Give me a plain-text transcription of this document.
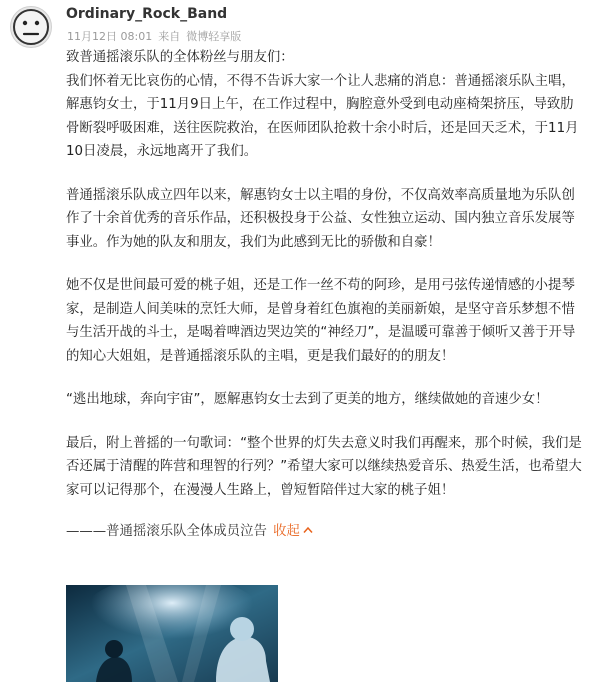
Ordinary_Rock_Band
11月12日 08:01 来自 微博轻享版

致普通摇滚乐队的全体粉丝与朋友们：

我们怀着无比哀伤的心情，不得不告诉大家一个让人悲痛的消息：普通摇滚乐队主唱，解惠钧女士，于11月9日上午，在工作过程中，胸腔意外受到电动座椅架挤压，导致肋骨断裂呼吸困难，送往医院救治，在医师团队抢救十余小时后，还是回天乏术，于11月10日凌晨，永远地离开了我们。

普通摇滚乐队成立四年以来，解惠钧女士以主唱的身份，不仅高效率高质量地为乐队创作了十余首优秀的音乐作品，还积极投身于公益、女性独立运动、国内独立音乐发展等事业。作为她的队友和朋友，我们为此感到无比的骄傲和自豪！

她不仅是世间最可爱的桃子姐，还是工作一丝不苟的阿珍，是用弓弦传递情感的小提琴家，是制造人间美味的烹饪大师，是曾身着红色旗袍的美丽新娘，是坚守音乐梦想不惜与生活开战的斗士，是喝着啤酒边哭边笑的“神经刀”，是温暖可靠善于倾听又善于开导的知心大姐姐，是普通摇滚乐队的主唱，更是我们最好的的朋友！

“逃出地球，奔向宇宙”，愿解惠钧女士去到了更美的地方，继续做她的音速少女！

最后，附上普摇的一句歌词：“整个世界的灯失去意义时我们再醒来，那个时候，我们是否还属于清醒的阵营和理智的行列？”希望大家可以继续热爱音乐、热爱生活，也希望大家可以记得那个，在漫漫人生路上，曾短暂陪伴过大家的桃子姐！

———普通摇滚乐队全体成员泣告 收起
